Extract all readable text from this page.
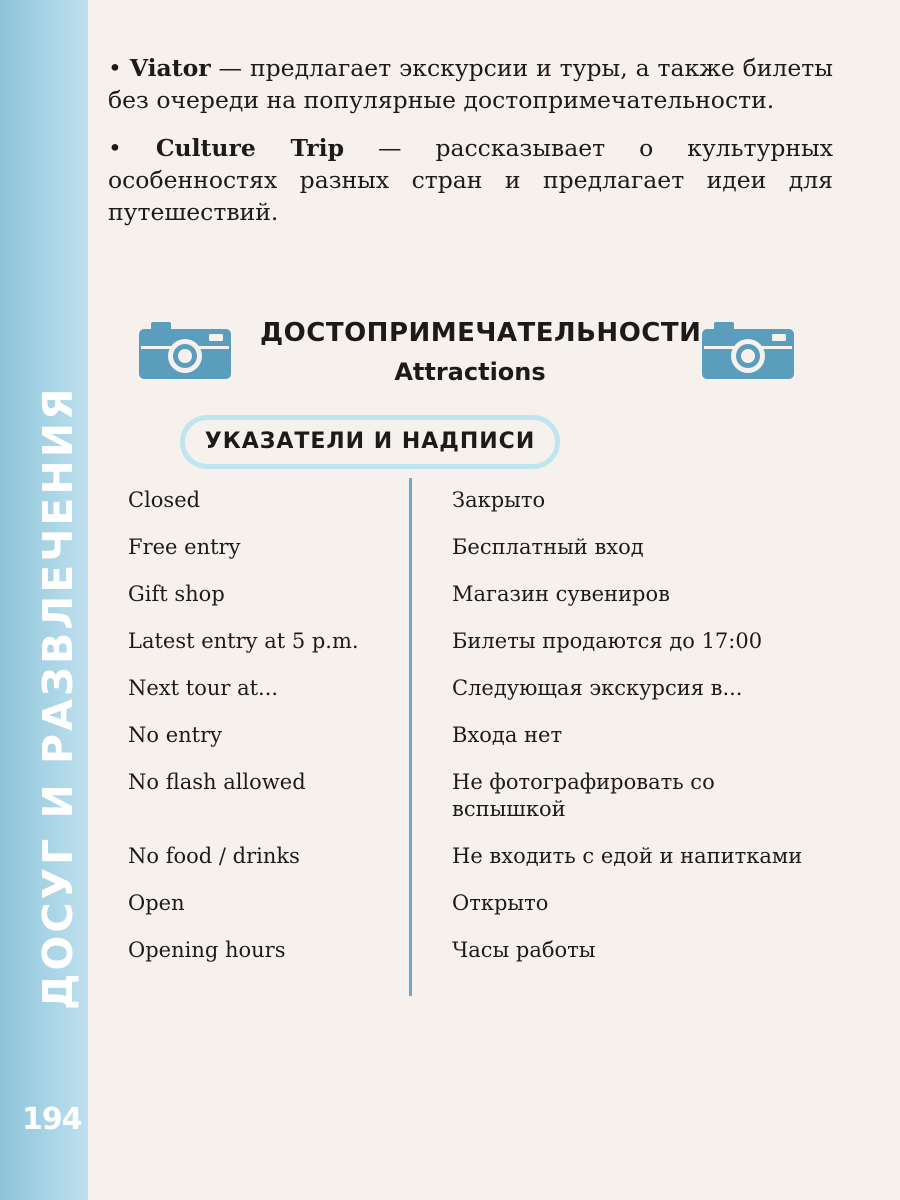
ДОСУГ И РАЗВЛЕЧЕНИЯ
194

• Viator — предлагает экскурсии и туры, а также билеты без очереди на популярные достопримечательности.

• Culture Trip — рассказывает о культурных особенностях разных стран и предлагает идеи для путешествий.

ДОСТОПРИМЕЧАТЕЛЬНОСТИ
Attractions
УКАЗАТЕЛИ И НАДПИСИ
Closed	Закрыто
Free entry	Бесплатный вход
Gift shop	Магазин сувениров
Latest entry at 5 p.m.	Билеты продаются до 17:00
Next tour at...	Следующая экскурсия в...
No entry	Входа нет
No flash allowed	Не фотографировать со вспышкой
No food / drinks	Не входить с едой и напитками
Open	Открыто
Opening hours	Часы работы
